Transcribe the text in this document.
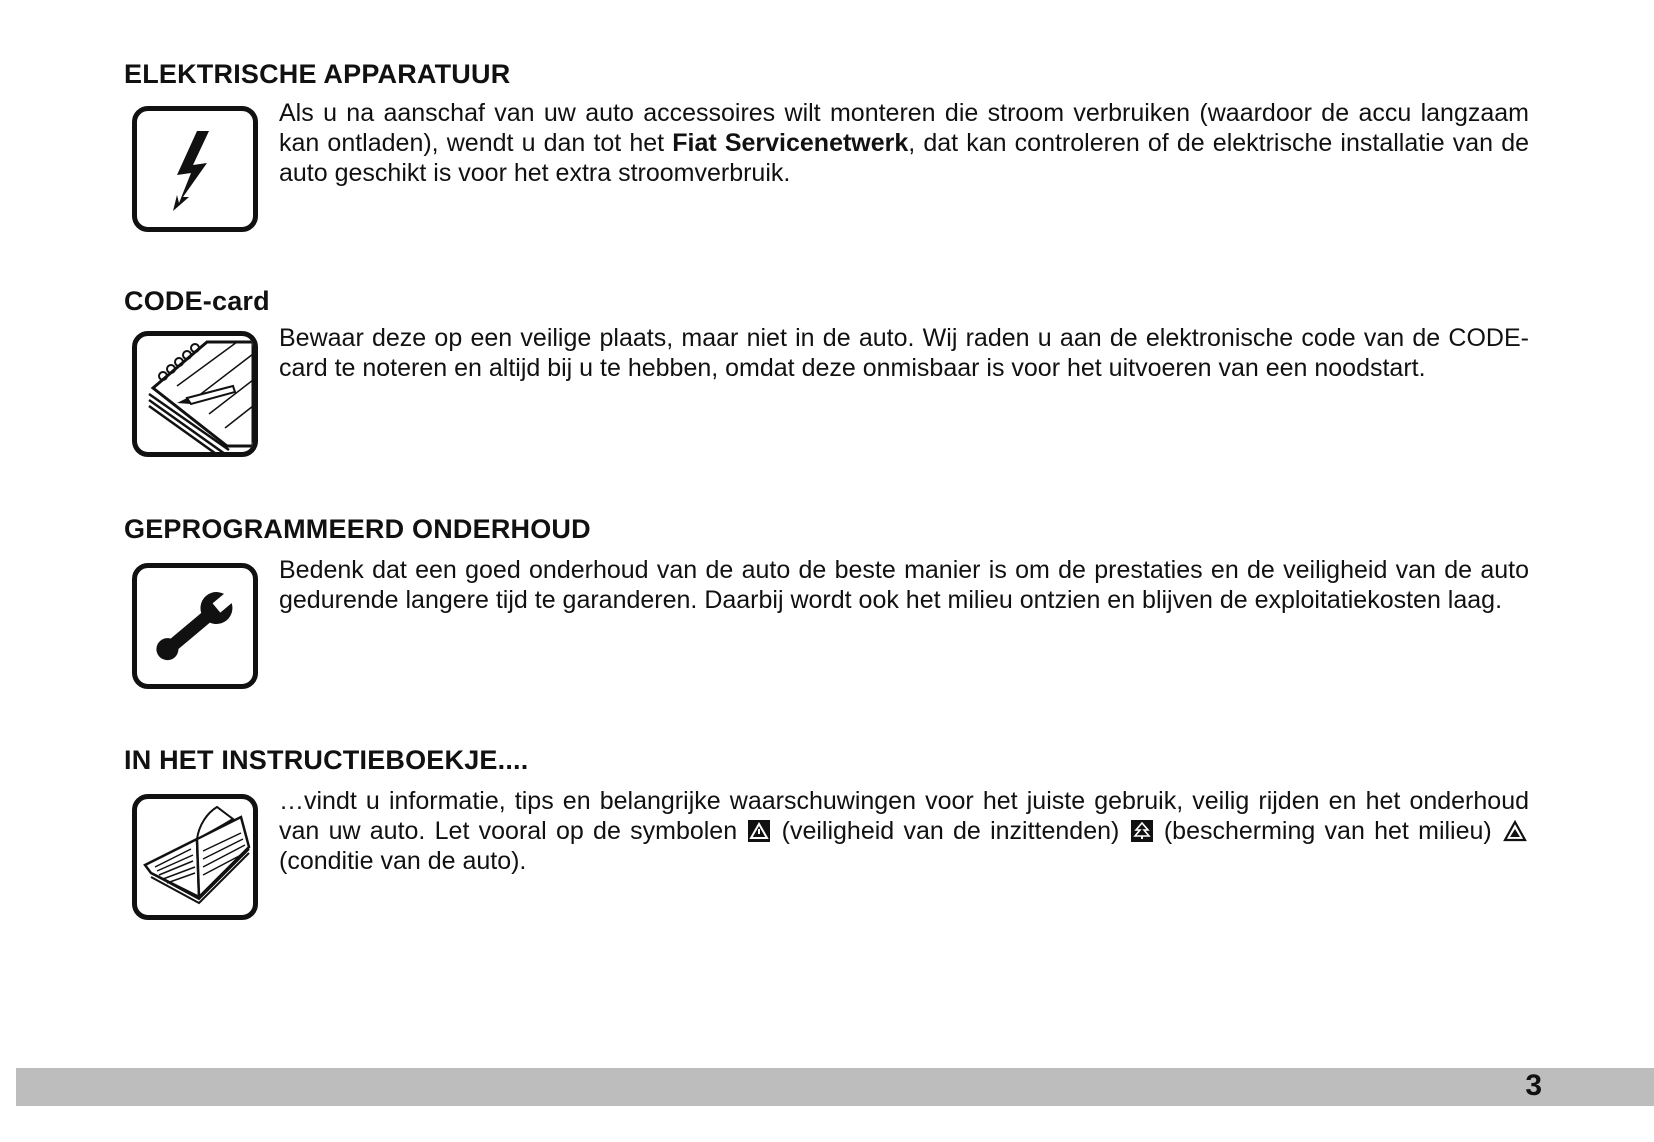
ELEKTRISCHE APPARATUUR

Als u na aanschaf van uw auto accessoires wilt monteren die stroom verbruiken (waardoor de accu langzaam kan ontladen), wendt u dan tot het Fiat Servicenetwerk, dat kan controleren of de elektrische installatie van de auto geschikt is voor het extra stroomverbruik.

CODE-card

Bewaar deze op een veilige plaats, maar niet in de auto. Wij raden u aan de elektronische code van de CODE-card te noteren en altijd bij u te hebben, omdat deze onmisbaar is voor het uitvoeren van een noodstart.

GEPROGRAMMEERD ONDERHOUD

Bedenk dat een goed onderhoud van de auto de beste manier is om de prestaties en de veiligheid van de auto gedurende langere tijd te garanderen. Daarbij wordt ook het milieu ontzien en blijven de exploitatiekosten laag.

IN HET INSTRUCTIEBOEKJE....

…vindt u informatie, tips en belangrijke waarschuwingen voor het juiste gebruik, veilig rijden en het onderhoud van uw auto. Let vooral op de symbolen  (veiligheid van de inzittenden)  (bescherming van het milieu)  (conditie van de auto).

3
